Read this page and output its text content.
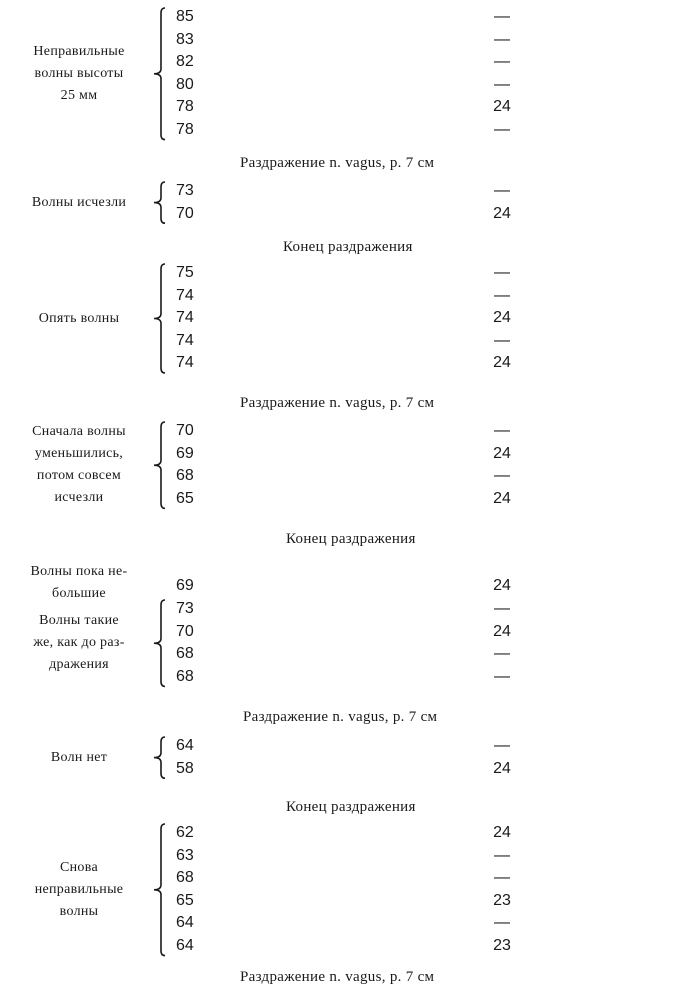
85	—
83	—
82	—
80	—
78	24
78	—
Неправильные
волны высоты
25 мм
Раздражение n. vagus, р. 7 см
73	—
70	24
Волны исчезли
Конец раздражения
75	—
74	—
74	24
74	—
74	24
Опять волны
Раздражение n. vagus, р. 7 см
70	—
69	24
68	—
65	24
Сначала волны
уменьшились,
потом совсем
исчезли
Конец раздражения
69	24
Волны пока не-
большие
73	—
70	24
68	—
68	—
Волны такие
же, как до раз-
дражения
Раздражение n. vagus, р. 7 см
64	—
58	24
Волн нет
Конец раздражения
62	24
63	—
68	—
65	23
64	—
64	23
Снова
неправильные
волны
Раздражение n. vagus, р. 7 см
